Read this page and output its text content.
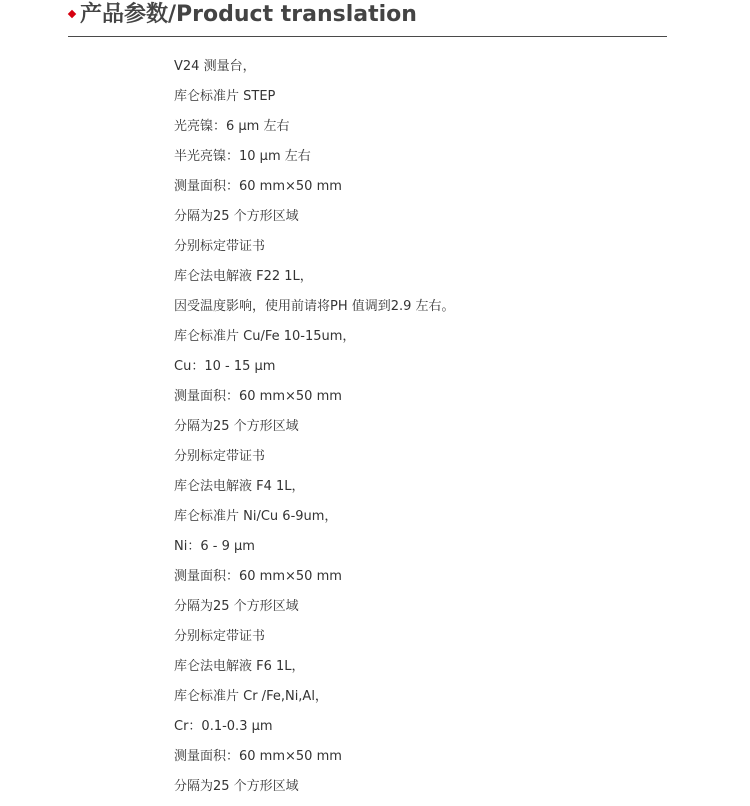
产品参数/Product translation
V24 测量台，
库仑标准片 STEP
光亮镍：6 μm 左右
半光亮镍：10 μm 左右
测量面积：60 mm×50 mm
分隔为25 个方形区域
分别标定带证书
库仑法电解液 F22 1L，
因受温度影响，使用前请将PH 值调到2.9 左右。
库仑标准片 Cu/Fe 10-15um，
Cu：10 - 15 μm
测量面积：60 mm×50 mm
分隔为25 个方形区域
分别标定带证书
库仑法电解液 F4 1L，
库仑标准片 Ni/Cu 6-9um，
Ni：6 - 9 μm
测量面积：60 mm×50 mm
分隔为25 个方形区域
分别标定带证书
库仑法电解液 F6 1L，
库仑标准片 Cr /Fe,Ni,Al，
Cr：0.1-0.3 μm
测量面积：60 mm×50 mm
分隔为25 个方形区域
